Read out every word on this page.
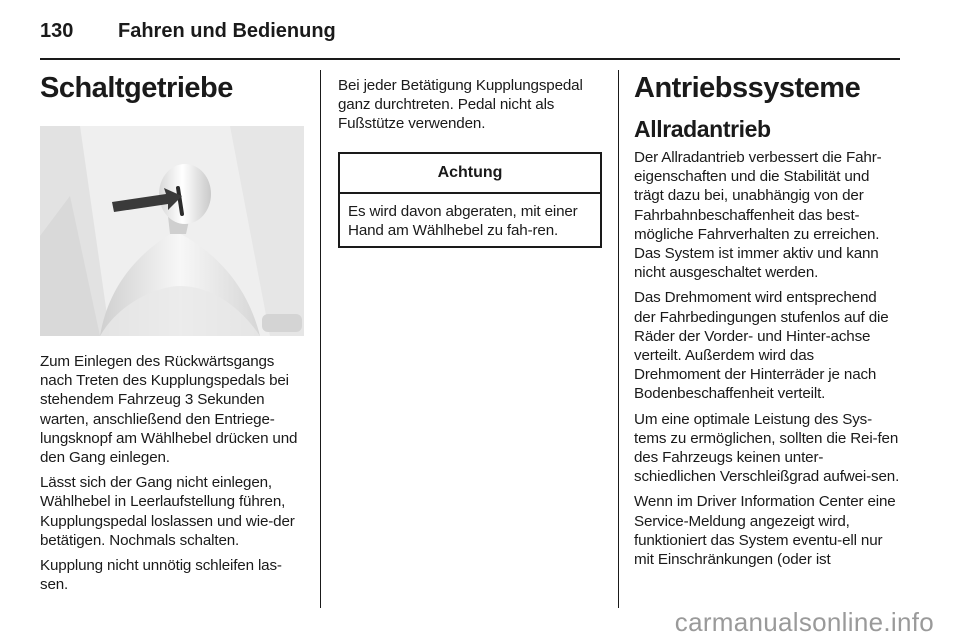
130 Fahren und Bedienung
Schaltgetriebe

Zum Einlegen des Rückwärtsgangs nach Treten des Kupplungspedals bei stehendem Fahrzeug 3 Sekunden warten, anschließend den Entriege-lungsknopf am Wählhebel drücken und den Gang einlegen.

Lässt sich der Gang nicht einlegen, Wählhebel in Leerlaufstellung führen, Kupplungspedal loslassen und wie-der betätigen. Nochmals schalten.

Kupplung nicht unnötig schleifen las-sen.

Bei jeder Betätigung Kupplungspedal ganz durchtreten. Pedal nicht als Fußstütze verwenden.

Achtung

Es wird davon abgeraten, mit einer Hand am Wählhebel zu fah-ren.

Antriebssysteme
Allradantrieb

Der Allradantrieb verbessert die Fahr-eigenschaften und die Stabilität und trägt dazu bei, unabhängig von der Fahrbahnbeschaffenheit das best-mögliche Fahrverhalten zu erreichen. Das System ist immer aktiv und kann nicht ausgeschaltet werden.

Das Drehmoment wird entsprechend der Fahrbedingungen stufenlos auf die Räder der Vorder- und Hinter-achse verteilt. Außerdem wird das Drehmoment der Hinterräder je nach Bodenbeschaffenheit verteilt.

Um eine optimale Leistung des Sys-tems zu ermöglichen, sollten die Rei-fen des Fahrzeugs keinen unter-schiedlichen Verschleißgrad aufwei-sen.

Wenn im Driver Information Center eine Service-Meldung angezeigt wird, funktioniert das System eventu-ell nur mit Einschränkungen (oder ist

carmanualsonline.info
